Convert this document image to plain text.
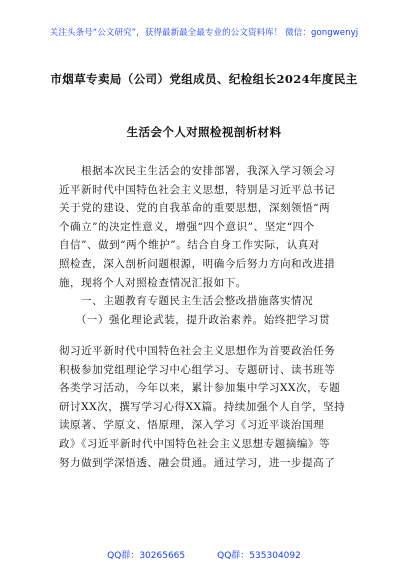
关注头条号“公文研究”，获得最新最全最专业的公文资料库！ 微信：gongwenyj
市烟草专卖局（公司）党组成员、纪检组长2024年度民主
生活会个人对照检视剖析材料

　　根据本次民主生活会的安排部署，我深入学习领会习

近平新时代中国特色社会主义思想，特别是习近平总书记

关于党的建设、党的自我革命的重要思想，深刻领悟“两

个确立”的决定性意义，增强“四个意识”、坚定“四个

自信”、做到“两个维护”。结合自身工作实际，认真对

照检查，深入剖析问题根源，明确今后努力方向和改进措

施，现将个人对照检查情况汇报如下。

　　一、主题教育专题民主生活会整改措施落实情况

　　（一）强化理论武装，提升政治素养。始终把学习贯

彻习近平新时代中国特色社会主义思想作为首要政治任务

积极参加党组理论学习中心组学习、专题研讨、读书班等

各类学习活动，今年以来，累计参加集中学习XX次，专题

研讨XX次，撰写学习心得XX篇。持续加强个人自学，坚持

读原著、学原文、悟原理，深入学习《习近平谈治国理

政》《习近平新时代中国特色社会主义思想专题摘编》等

努力做到学深悟透、融会贯通。通过学习，进一步提高了

QQ群：30265665	QQ群：535304092
